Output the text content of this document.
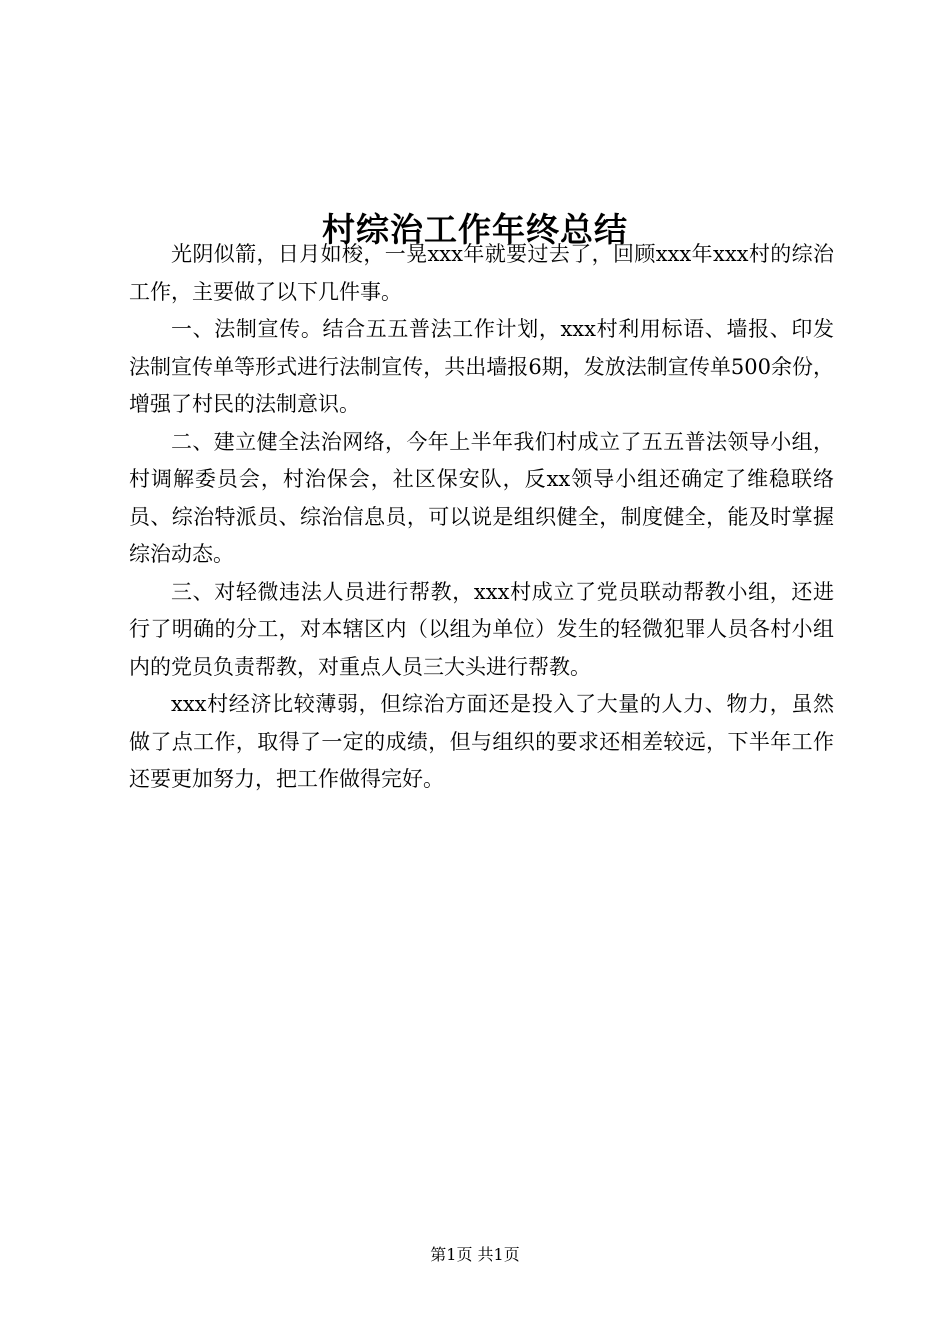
村综治工作年终总结

光阴似箭，日月如梭，一晃xxx年就要过去了，回顾xxx年xxx村的综治工作，主要做了以下几件事。

一、法制宣传。结合五五普法工作计划，xxx村利用标语、墙报、印发法制宣传单等形式进行法制宣传，共出墙报6期，发放法制宣传单500余份，增强了村民的法制意识。

二、建立健全法治网络，今年上半年我们村成立了五五普法领导小组，村调解委员会，村治保会，社区保安队，反xx领导小组还确定了维稳联络员、综治特派员、综治信息员，可以说是组织健全，制度健全，能及时掌握综治动态。

三、对轻微违法人员进行帮教，xxx村成立了党员联动帮教小组，还进行了明确的分工，对本辖区内（以组为单位）发生的轻微犯罪人员各村小组内的党员负责帮教，对重点人员三大头进行帮教。

xxx村经济比较薄弱，但综治方面还是投入了大量的人力、物力，虽然做了点工作，取得了一定的成绩，但与组织的要求还相差较远，下半年工作还要更加努力，把工作做得完好。

第1页 共1页
